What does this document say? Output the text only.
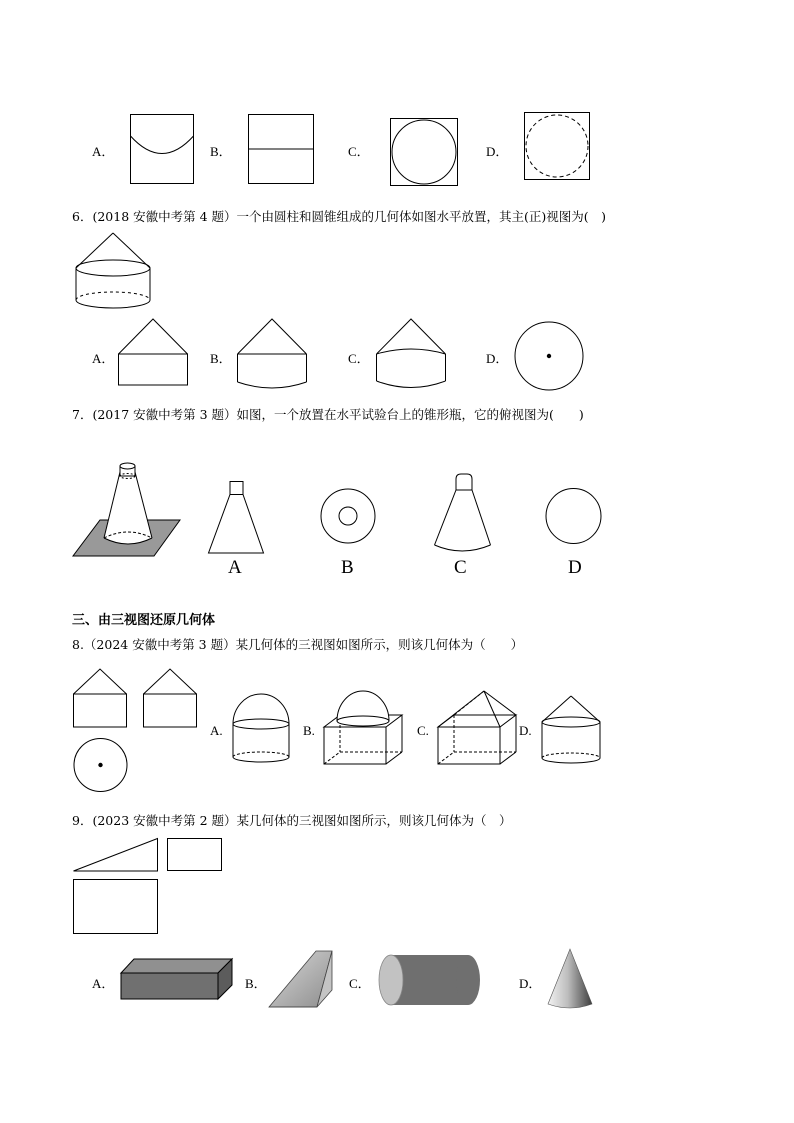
A．	B．	C．	D．
6．(2018 安徽中考第 4 题）一个由圆柱和圆锥组成的几何体如图水平放置，其主(正)视图为(　)
A．	B．	C．	D．
7．(2017 安徽中考第 3 题）如图，一个放置在水平试验台上的锥形瓶，它的俯视图为(　　)
A	B	C	D
三、由三视图还原几何体
8.（2024 安徽中考第 3 题）某几何体的三视图如图所示，则该几何体为（　　）
A.	B.	C.	D.
9．(2023 安徽中考第 2 题）某几何体的三视图如图所示，则该几何体为（　）
A．	B．	C．	D．
